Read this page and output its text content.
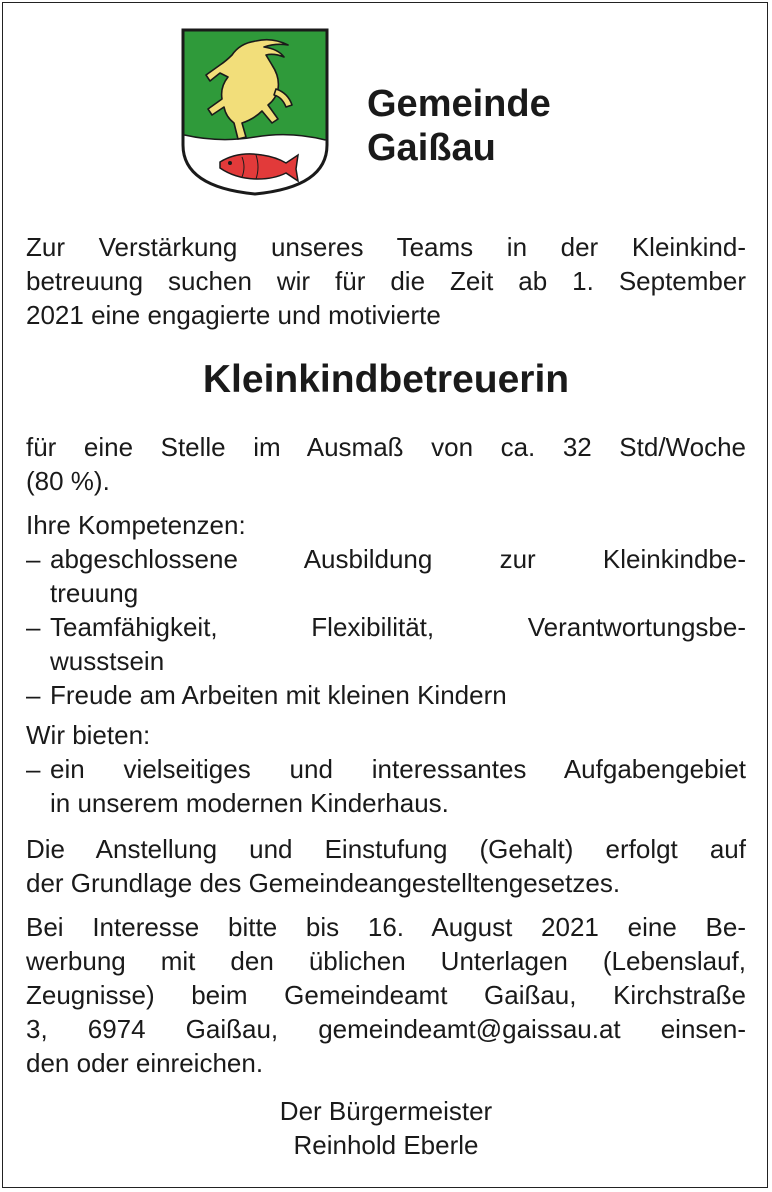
Gemeinde
Gaißau
Zur Verstärkung unseres Teams in der Kleinkind-
betreuung suchen wir für die Zeit ab 1. September
2021 eine engagierte und motivierte
Kleinkindbetreuerin
für eine Stelle im Ausmaß von ca. 32 Std/Woche
(80 %).
Ihre Kompetenzen:
– abgeschlossene Ausbildung zur Kleinkindbe-
treuung
– Teamfähigkeit, Flexibilität, Verantwortungsbe-
wusstsein
– Freude am Arbeiten mit kleinen Kindern
Wir bieten:
– ein vielseitiges und interessantes Aufgabengebiet
in unserem modernen Kinderhaus.
Die Anstellung und Einstufung (Gehalt) erfolgt auf
der Grundlage des Gemeindeangestelltengesetzes.
Bei Interesse bitte bis 16. August 2021 eine Be-
werbung mit den üblichen Unterlagen (Lebenslauf,
Zeugnisse) beim Gemeindeamt Gaißau, Kirchstraße
3, 6974 Gaißau, gemeindeamt@gaissau.at einsen-
den oder einreichen.
Der Bürgermeister
Reinhold Eberle
